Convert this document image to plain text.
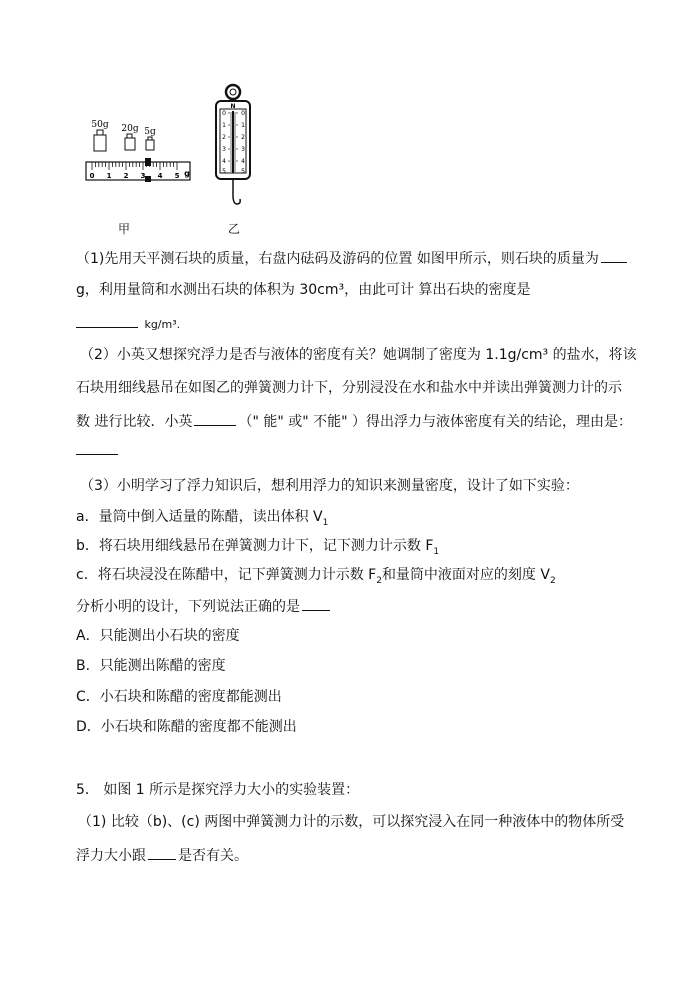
50g 20g 5g
0 1 2 3 4 5 g
甲
N
0
1
2
3
4
5
0
1
2
3
4
5
乙
（1)先用天平测石块的质量，右盘内砝码及游码的位置 如图甲所示，则石块的质量为
g，利用量筒和水测出石块的体积为 30cm³，由此可计 算出石块的密度是
kg/m³.
（2）小英又想探究浮力是否与液体的密度有关？她调制了密度为 1.1g/cm³ 的盐水，将该
石块用细线悬吊在如图乙的弹簧测力计下，分别浸没在水和盐水中并读出弹簧测力计的示
数 进行比较．小英	（" 能" 或" 不能" ）得出浮力与液体密度有关的结论，理由是：
（3）小明学习了浮力知识后，想利用浮力的知识来测量密度，设计了如下实验：
a．量筒中倒入适量的陈醋，读出体积 $V_1$
b．将石块用细线悬吊在弹簧测力计下，记下测力计示数 $F_1$
c．将石块浸没在陈醋中，记下弹簧测力计示数 $F_2$和量筒中液面对应的刻度 $V_2$
分析小明的设计，下列说法正确的是
A．只能测出小石块的密度
B．只能测出陈醋的密度
C．小石块和陈醋的密度都能测出
D．小石块和陈醋的密度都不能测出
5． 如图 1 所示是探究浮力大小的实验装置：
（1) 比较（b)、(c) 两图中弹簧测力计的示数，可以探究浸入在同一种液体中的物体所受
浮力大小跟 是否有关。
